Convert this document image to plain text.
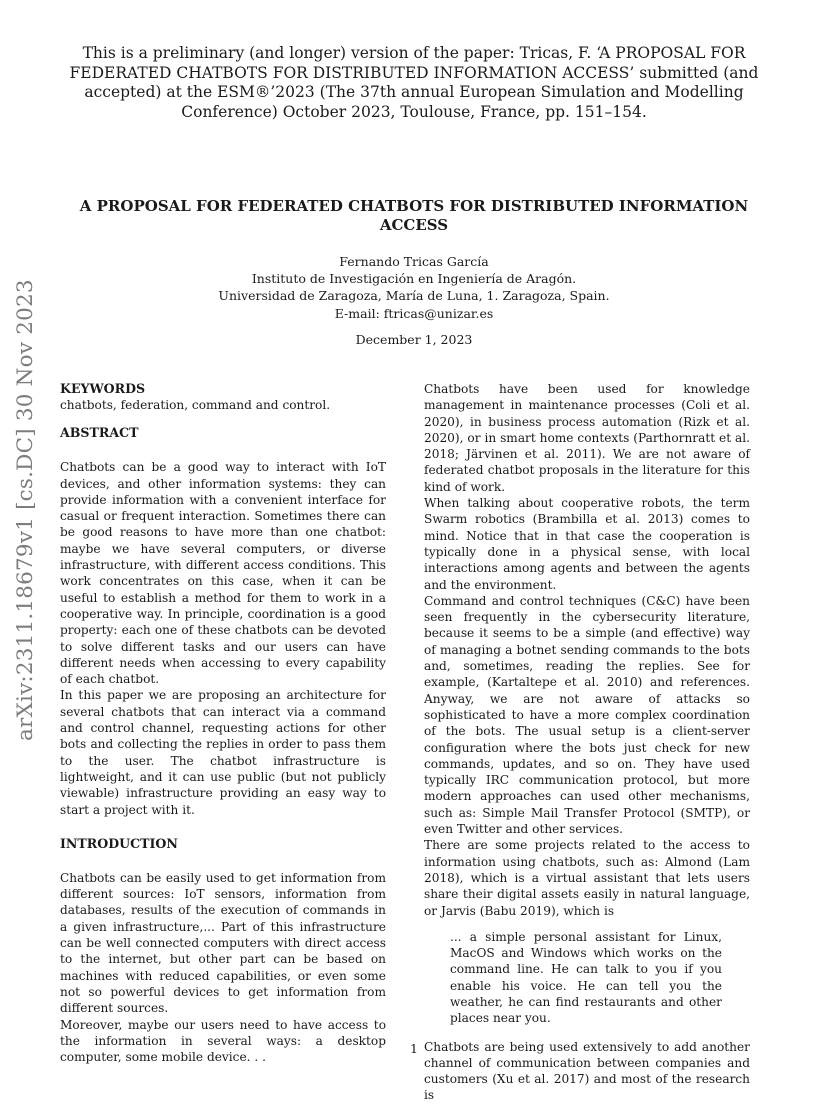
arXiv:2311.18679v1 [cs.DC] 30 Nov 2023
This is a preliminary (and longer) version of the paper: Tricas, F. ‘A PROPOSAL FOR FEDERATED CHATBOTS FOR DISTRIBUTED INFORMATION ACCESS’ submitted (and accepted) at the ESM®’2023 (The 37th annual European Simulation and Modelling Conference) October 2023, Toulouse, France, pp. 151–154.
A PROPOSAL FOR FEDERATED CHATBOTS FOR DISTRIBUTED INFORMATION ACCESS
Fernando Tricas García
Instituto de Investigación en Ingeniería de Aragón.
Universidad de Zaragoza, María de Luna, 1. Zaragoza, Spain.
E-mail: ftricas@unizar.es
December 1, 2023
KEYWORDS

chatbots, federation, command and control.

ABSTRACT

Chatbots can be a good way to interact with IoT devices, and other information systems: they can provide information with a convenient interface for casual or frequent interaction. Sometimes there can be good reasons to have more than one chatbot: maybe we have several computers, or diverse infrastructure, with different access conditions. This work concentrates on this case, when it can be useful to establish a method for them to work in a cooperative way. In principle, coordination is a good property: each one of these chatbots can be devoted to solve different tasks and our users can have different needs when accessing to every capability of each chatbot.

In this paper we are proposing an architecture for several chatbots that can interact via a command and control channel, requesting actions for other bots and collecting the replies in order to pass them to the user. The chatbot infrastructure is lightweight, and it can use public (but not publicly viewable) infrastructure providing an easy way to start a project with it.

INTRODUCTION

Chatbots can be easily used to get information from different sources: IoT sensors, information from databases, results of the execution of commands in a given infrastructure,... Part of this infrastructure can be well connected computers with direct access to the internet, but other part can be based on machines with reduced capabilities, or even some not so powerful devices to get information from different sources.

Moreover, maybe our users need to have access to the information in several ways: a desktop computer, some mobile device. . .

Chatbots have been used for knowledge management in maintenance processes (Coli et al. 2020), in business process automation (Rizk et al. 2020), or in smart home contexts (Parthornratt et al. 2018; Järvinen et al. 2011). We are not aware of federated chatbot proposals in the literature for this kind of work.

When talking about cooperative robots, the term Swarm robotics (Brambilla et al. 2013) comes to mind. Notice that in that case the cooperation is typically done in a physical sense, with local interactions among agents and between the agents and the environment.

Command and control techniques (C&C) have been seen frequently in the cybersecurity literature, because it seems to be a simple (and effective) way of managing a botnet sending commands to the bots and, sometimes, reading the replies. See for example, (Kartaltepe et al. 2010) and references. Anyway, we are not aware of attacks so sophisticated to have a more complex coordination of the bots. The usual setup is a client-server configuration where the bots just check for new commands, updates, and so on. They have used typically IRC communication protocol, but more modern approaches can used other mechanisms, such as: Simple Mail Transfer Protocol (SMTP), or even Twitter and other services.

There are some projects related to the access to information using chatbots, such as: Almond (Lam 2018), which is a virtual assistant that lets users share their digital assets easily in natural language, or Jarvis (Babu 2019), which is

... a simple personal assistant for Linux, MacOS and Windows which works on the command line. He can talk to you if you enable his voice. He can tell you the weather, he can find restaurants and other places near you.

Chatbots are being used extensively to add another channel of communication between companies and customers (Xu et al. 2017) and most of the research is

1
